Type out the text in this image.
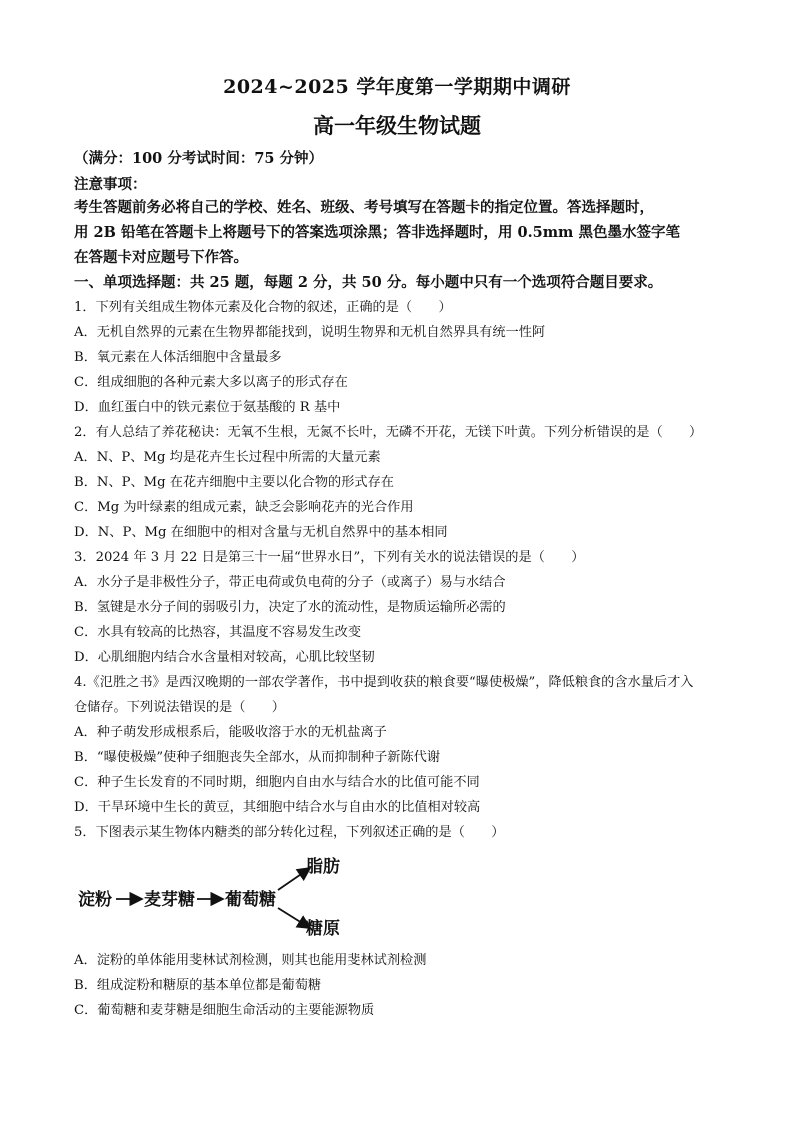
2024~2025 学年度第一学期期中调研
高一年级生物试题
（满分：100 分考试时间：75 分钟）
注意事项：
考生答题前务必将自己的学校、姓名、班级、考号填写在答题卡的指定位置。答选择题时，
用 2B 铅笔在答题卡上将题号下的答案选项涂黑；答非选择题时，用 0.5mm 黑色墨水签字笔
在答题卡对应题号下作答。
一、单项选择题：共 25 题，每题 2 分，共 50 分。每小题中只有一个选项符合题目要求。
1．下列有关组成生物体元素及化合物的叙述，正确的是（　　）
A．无机自然界的元素在生物界都能找到，说明生物界和无机自然界具有统一性阿
B．氧元素在人体活细胞中含量最多
C．组成细胞的各种元素大多以离子的形式存在
D．血红蛋白中的铁元素位于氨基酸的 R 基中
2．有人总结了养花秘诀：无氧不生根，无氮不长叶，无磷不开花，无镁下叶黄。下列分析错误的是（　　）
A．N、P、Mg 均是花卉生长过程中所需的大量元素
B．N、P、Mg 在花卉细胞中主要以化合物的形式存在
C．Mg 为叶绿素的组成元素，缺乏会影响花卉的光合作用
D．N、P、Mg 在细胞中的相对含量与无机自然界中的基本相同
3．2024 年 3 月 22 日是第三十一届“世界水日”，下列有关水的说法错误的是（　　）
A．水分子是非极性分子，带正电荷或负电荷的分子（或离子）易与水结合
B．氢键是水分子间的弱吸引力，决定了水的流动性，是物质运输所必需的
C．水具有较高的比热容，其温度不容易发生改变
D．心肌细胞内结合水含量相对较高，心肌比较坚韧
4.《氾胜之书》是西汉晚期的一部农学著作，书中提到收获的粮食要“曝使极燥”，降低粮食的含水量后才入
仓储存。下列说法错误的是（　　）
A．种子萌发形成根系后，能吸收溶于水的无机盐离子
B．“曝使极燥”使种子细胞丧失全部水，从而抑制种子新陈代谢
C．种子生长发育的不同时期，细胞内自由水与结合水的比值可能不同
D．干旱环境中生长的黄豆，其细胞中结合水与自由水的比值相对较高
5．下图表示某生物体内糖类的部分转化过程，下列叙述正确的是（　　）
淀粉 麦芽糖 葡萄糖
脂肪
糖原
A．淀粉的单体能用斐林试剂检测，则其也能用斐林试剂检测
B．组成淀粉和糖原的基本单位都是葡萄糖
C．葡萄糖和麦芽糖是细胞生命活动的主要能源物质
